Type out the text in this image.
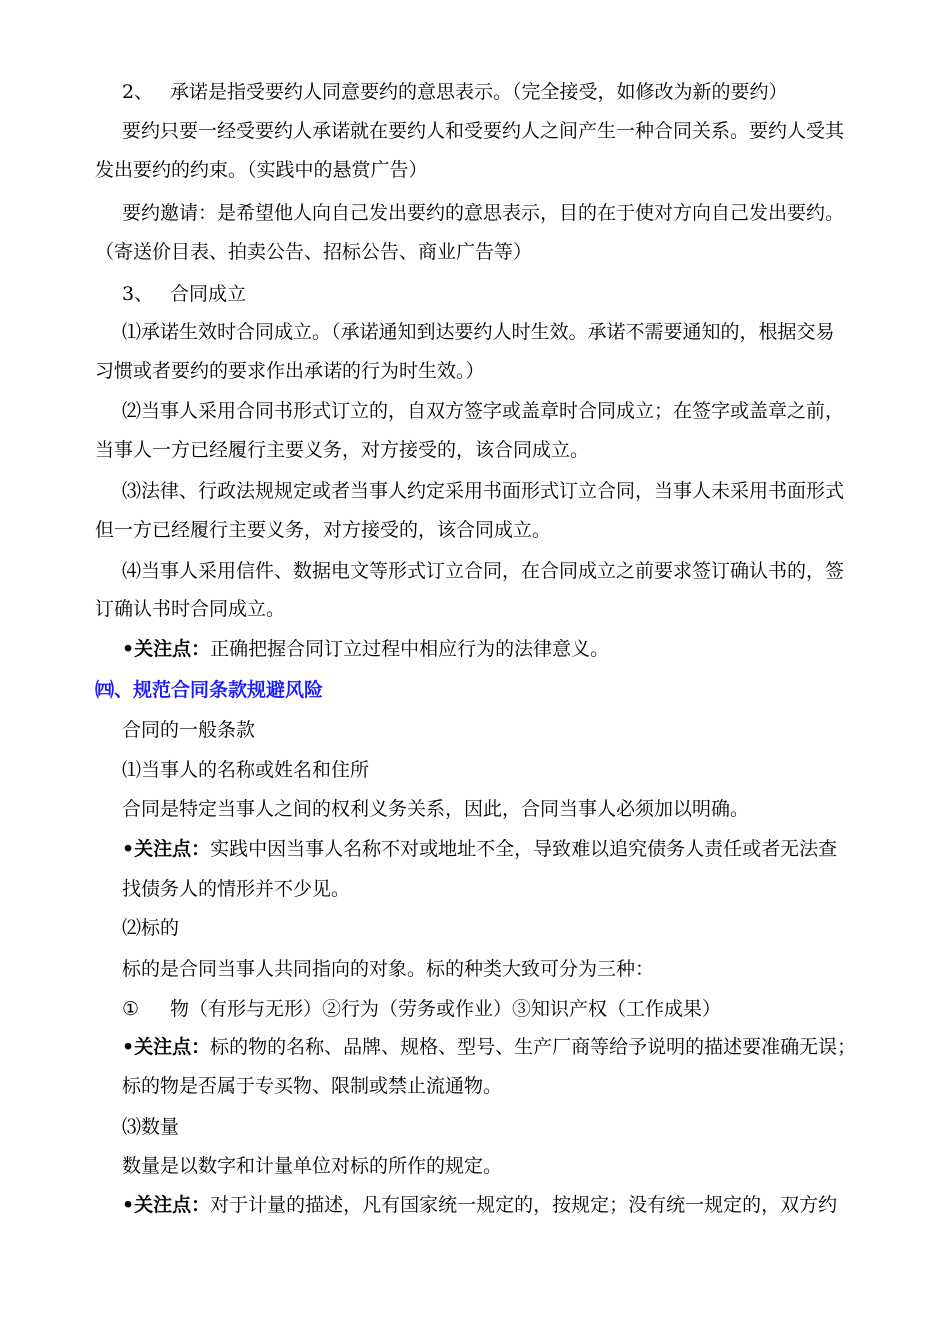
2、 承诺是指受要约人同意要约的意思表示。（完全接受，如修改为新的要约）
要约只要一经受要约人承诺就在要约人和受要约人之间产生一种合同关系。要约人受其
发出要约的约束。（实践中的悬赏广告）
要约邀请：是希望他人向自己发出要约的意思表示，目的在于使对方向自己发出要约。
（寄送价目表、拍卖公告、招标公告、商业广告等）
3、 合同成立
⑴承诺生效时合同成立。（承诺通知到达要约人时生效。承诺不需要通知的，根据交易
习惯或者要约的要求作出承诺的行为时生效。）
⑵当事人采用合同书形式订立的，自双方签字或盖章时合同成立；在签字或盖章之前，
当事人一方已经履行主要义务，对方接受的，该合同成立。
⑶法律、行政法规规定或者当事人约定采用书面形式订立合同，当事人未采用书面形式
但一方已经履行主要义务，对方接受的，该合同成立。
⑷当事人采用信件、数据电文等形式订立合同，在合同成立之前要求签订确认书的，签
订确认书时合同成立。
•关注点：正确把握合同订立过程中相应行为的法律意义。
㈣、规范合同条款规避风险
合同的一般条款
⑴当事人的名称或姓名和住所
合同是特定当事人之间的权利义务关系，因此，合同当事人必须加以明确。
•关注点：实践中因当事人名称不对或地址不全，导致难以追究债务人责任或者无法查
找债务人的情形并不少见。
⑵标的
标的是合同当事人共同指向的对象。标的种类大致可分为三种：
① 物（有形与无形）②行为（劳务或作业）③知识产权（工作成果）
•关注点：标的物的名称、品牌、规格、型号、生产厂商等给予说明的描述要准确无误；
标的物是否属于专买物、限制或禁止流通物。
⑶数量
数量是以数字和计量单位对标的所作的规定。
•关注点：对于计量的描述，凡有国家统一规定的，按规定；没有统一规定的，双方约
